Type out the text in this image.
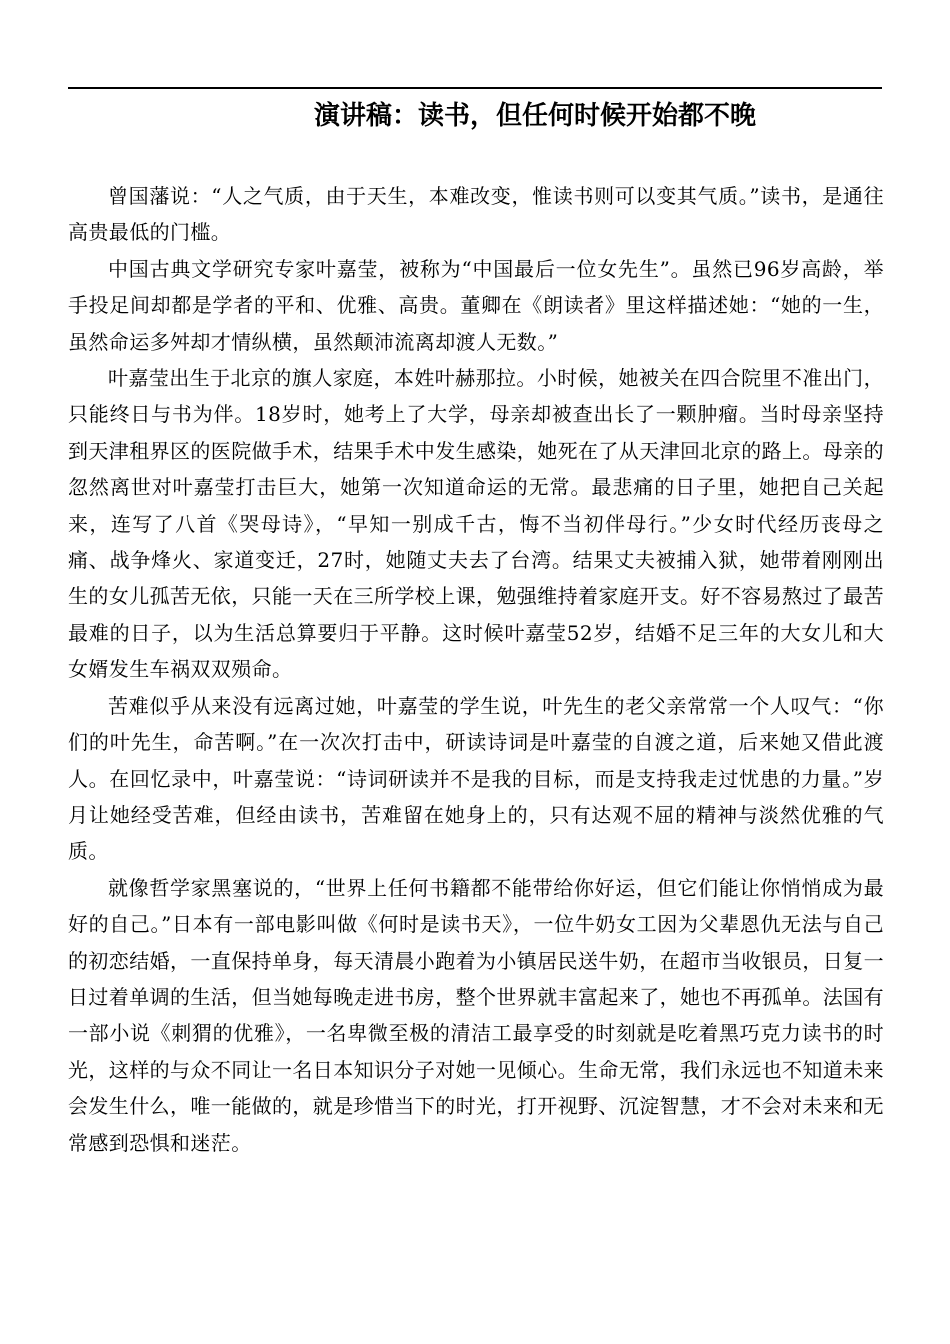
演讲稿：读书，但任何时候开始都不晚

曾国藩说：“人之气质，由于天生，本难改变，惟读书则可以变其气质。”读书，是通往高贵最低的门槛。

中国古典文学研究专家叶嘉莹，被称为“中国最后一位女先生”。虽然已96岁高龄，举手投足间却都是学者的平和、优雅、高贵。董卿在《朗读者》里这样描述她：“她的一生，虽然命运多舛却才情纵横，虽然颠沛流离却渡人无数。”

叶嘉莹出生于北京的旗人家庭，本姓叶赫那拉。小时候，她被关在四合院里不准出门，只能终日与书为伴。18岁时，她考上了大学，母亲却被查出长了一颗肿瘤。当时母亲坚持到天津租界区的医院做手术，结果手术中发生感染，她死在了从天津回北京的路上。母亲的忽然离世对叶嘉莹打击巨大，她第一次知道命运的无常。最悲痛的日子里，她把自己关起来，连写了八首《哭母诗》，“早知一别成千古，悔不当初伴母行。”少女时代经历丧母之痛、战争烽火、家道变迁，27时，她随丈夫去了台湾。结果丈夫被捕入狱，她带着刚刚出生的女儿孤苦无依，只能一天在三所学校上课，勉强维持着家庭开支。好不容易熬过了最苦最难的日子，以为生活总算要归于平静。这时候叶嘉莹52岁，结婚不足三年的大女儿和大女婿发生车祸双双殒命。

苦难似乎从来没有远离过她，叶嘉莹的学生说，叶先生的老父亲常常一个人叹气：“你们的叶先生，命苦啊。”在一次次打击中，研读诗词是叶嘉莹的自渡之道，后来她又借此渡人。在回忆录中，叶嘉莹说：“诗词研读并不是我的目标，而是支持我走过忧患的力量。”岁月让她经受苦难，但经由读书，苦难留在她身上的，只有达观不屈的精神与淡然优雅的气质。

就像哲学家黑塞说的，“世界上任何书籍都不能带给你好运，但它们能让你悄悄成为最好的自己。”日本有一部电影叫做《何时是读书天》，一位牛奶女工因为父辈恩仇无法与自己的初恋结婚，一直保持单身，每天清晨小跑着为小镇居民送牛奶，在超市当收银员，日复一日过着单调的生活，但当她每晚走进书房，整个世界就丰富起来了，她也不再孤单。法国有一部小说《刺猬的优雅》，一名卑微至极的清洁工最享受的时刻就是吃着黑巧克力读书的时光，这样的与众不同让一名日本知识分子对她一见倾心。生命无常，我们永远也不知道未来会发生什么，唯一能做的，就是珍惜当下的时光，打开视野、沉淀智慧，才不会对未来和无常感到恐惧和迷茫。
